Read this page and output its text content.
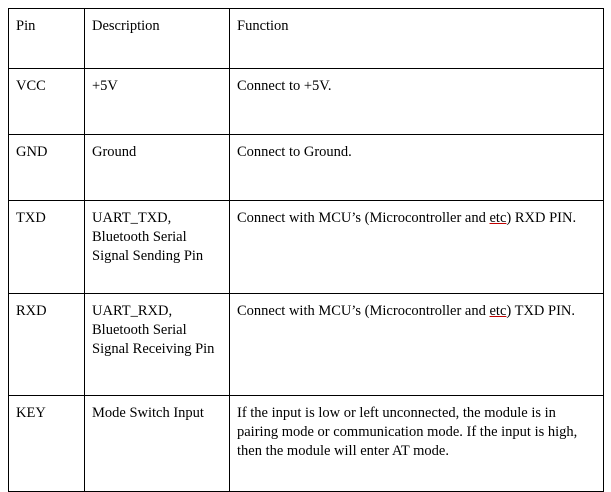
Pin	Description	Function
VCC	+5V	Connect to +5V.
GND	Ground	Connect to Ground.
TXD	UART_TXD, Bluetooth Serial Signal Sending Pin	Connect with MCU’s (Microcontroller and etc) RXD PIN.
RXD	UART_RXD, Bluetooth Serial Signal Receiving Pin	Connect with MCU’s (Microcontroller and etc) TXD PIN.
KEY	Mode Switch Input	If the input is low or left unconnected, the module is in pairing mode or communication mode. If the input is high, then the module will enter AT mode.
